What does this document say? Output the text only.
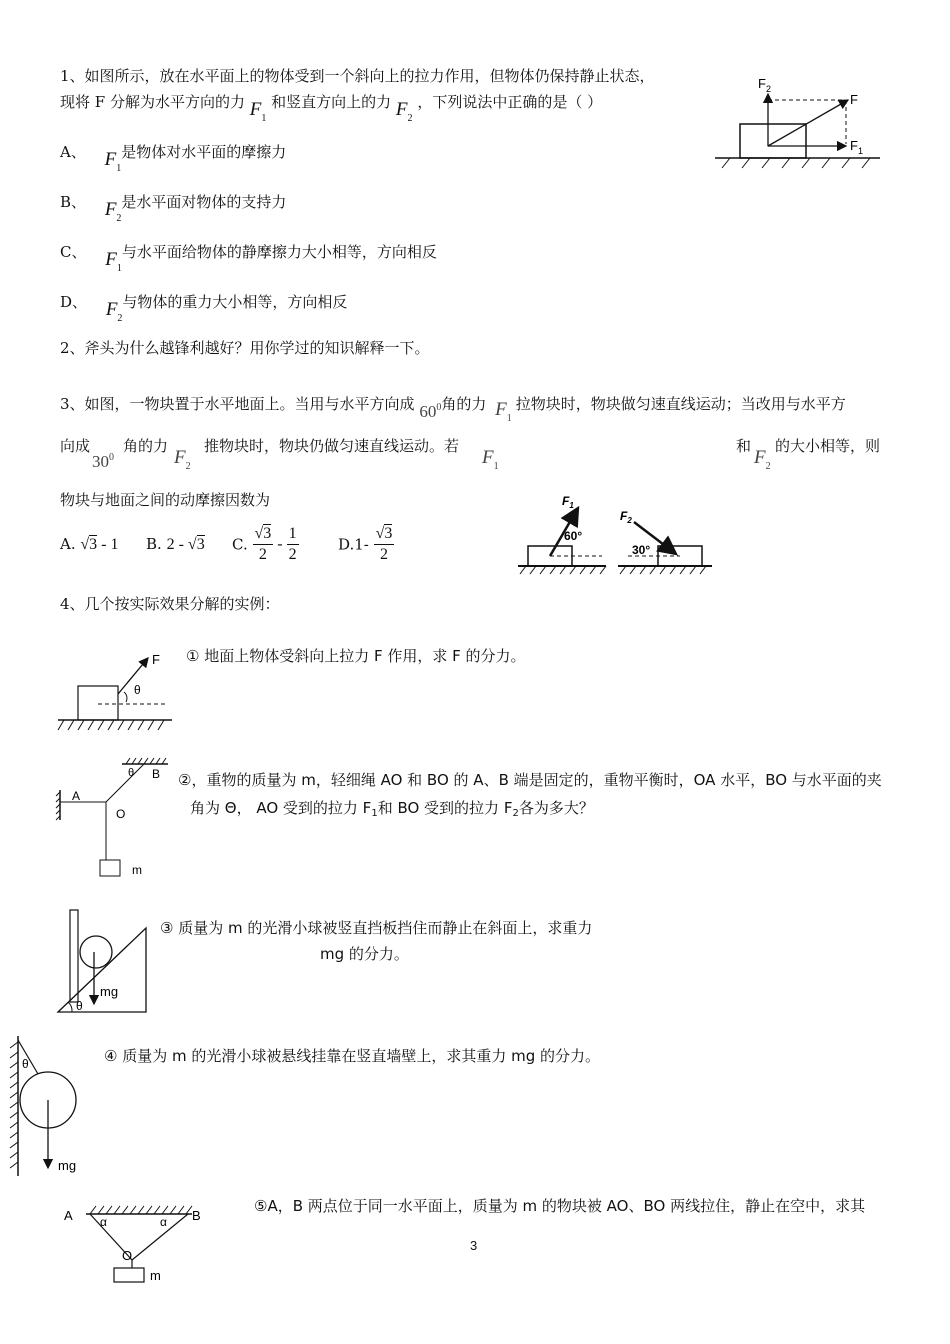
1、如图所示，放在水平面上的物体受到一个斜向上的拉力作用，但物体仍保持静止状态，
现将 F 分解为水平方向的力 $F_1$ 和竖直方向上的力 $F_2$ ，下列说法中正确的是（ ）
A、 $F_1$是物体对水平面的摩擦力
B、 $F_2$是水平面对物体的支持力
C、 $F_1$与水平面给物体的静摩擦力大小相等，方向相反
D、 $F_2$与物体的重力大小相等，方向相反
$F_2$
F
$F_1$
2、斧头为什么越锋利越好？用你学过的知识解释一下。
3、如图，一物块置于水平地面上。当用与水平方向成 $60^0$角的力 $F_1$拉物块时，物块做匀速直线运动；当改用与水平方
向成
$30^0$
角的力
$F_2$
推物块时，物块仍做匀速直线运动。若
$F_1$
和
$F_2$
的大小相等，则
物块与地面之间的动摩擦因数为
A. √3 - 1 B. 2 - √3 C. $\frac{√3}{2} - \frac{1}{2}$	$D.1- \frac{√3}{2}$
$F_1$
60°
$F_2$
30°
4、几个按实际效果分解的实例：
F
θ
① 地面上物体受斜向上拉力 F 作用，求 F 的分力。
A
B
O
m
θ	②，重物的质量为 m，轻细绳 AO 和 BO 的 A、B 端是固定的，重物平衡时，OA 水平，BO 与水平面的夹
角为 Θ， AO 受到的拉力 $F_1$和 BO 受到的拉力 $F_2$各为多大？
mg
θ
③ 质量为 m 的光滑小球被竖直挡板挡住而静止在斜面上，求重力
mg 的分力。
θ
mg
④ 质量为 m 的光滑小球被悬线挂靠在竖直墙壁上，求其重力 mg 的分力。
A	B
O
m
α	α
⑤A，B 两点位于同一水平面上，质量为 m 的物块被 AO、BO 两线拉住，静止在空中，求其
3
